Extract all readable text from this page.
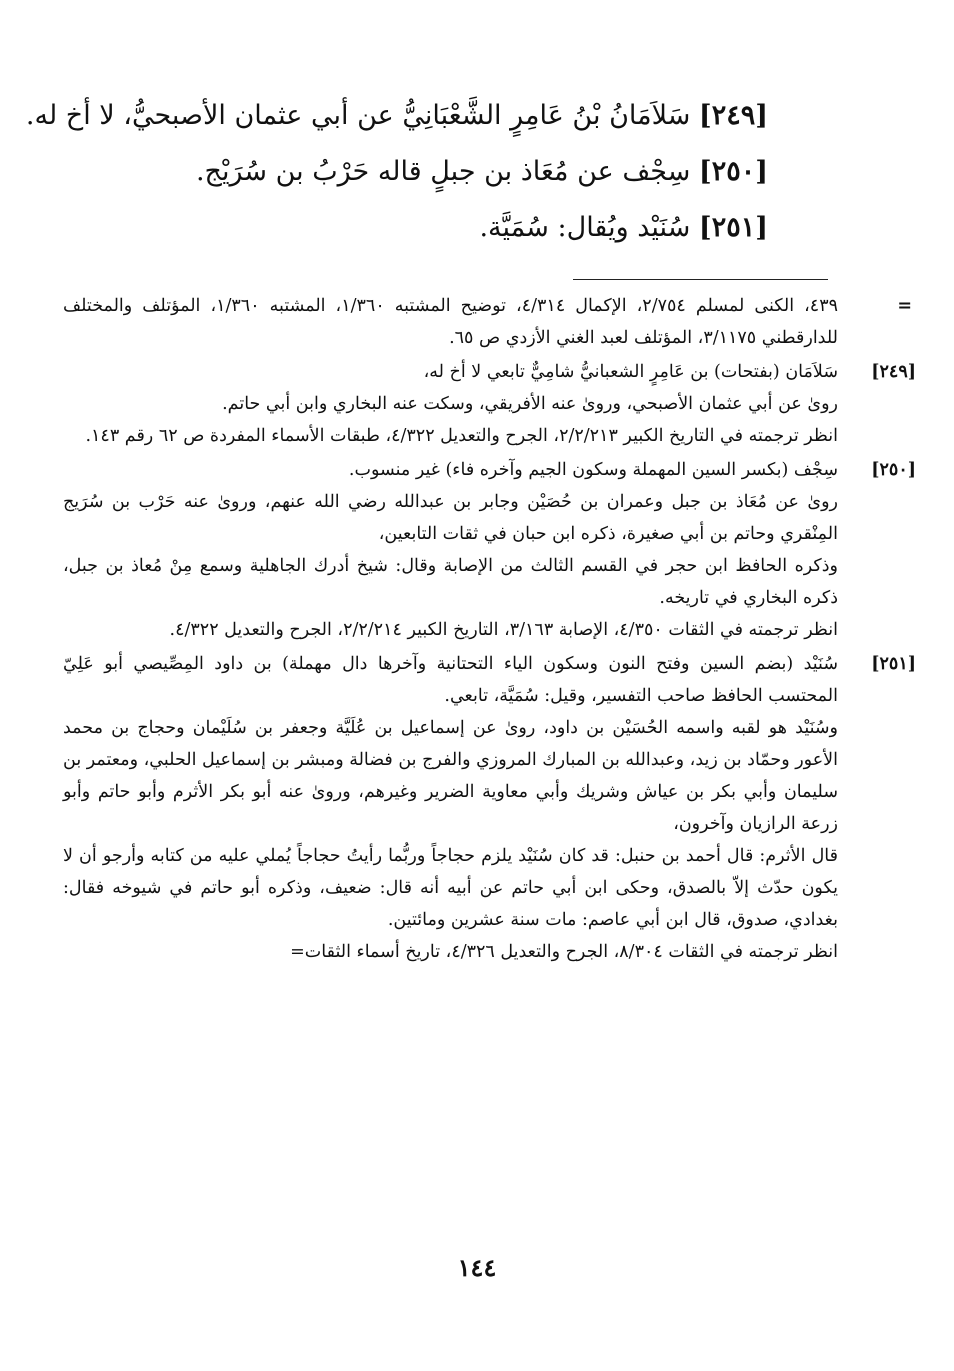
[٢٤٩] سَلاَمَانُ بْنُ عَامِرٍ الشَّعْبَانِيُّ عن أبي عثمان الأصبحيُّ، لا أخ له.
[٢٥٠] سِجْف عن مُعَاذ بن جبلٍ قاله حَرْبُ بن سُرَيْج.
[٢٥١] سُنَيْد ويُقال: سُمَيَّة.
=

٤٣٩، الكنى لمسلم ٢/٧٥٤، الإكمال ٤/٣١٤، توضيح المشتبه ١/٣٦٠، المشتبه ١/٣٦٠، المؤتلف والمختلف للدارقطني ٣/١١٧٥، المؤتلف لعبد الغني الأزدي ص ٦٥.

[٢٤٩]

سَلاَمَان (بفتحات) بن عَامِرٍ الشعبانيُّ شامِيٌّ تابعي لا أخ له،

روىٰ عن أبي عثمان الأصبحي، وروىٰ عنه الأفريقي، وسكت عنه البخاري وابن أبي حاتم.

انظر ترجمته في التاريخ الكبير ٢/٢/٢١٣، الجرح والتعديل ٤/٣٢٢، طبقات الأسماء المفردة ص ٦٢ رقم ١٤٣.

[٢٥٠]

سِجْف (بكسر السين المهملة وسكون الجيم وآخره فاء) غير منسوب.

روىٰ عن مُعَاذ بن جبل وعمران بن حُصَيْن وجابر بن عبدالله رضي الله عنهم، وروىٰ عنه حَرْب بن سُرَيج المِنْقري وحاتم بن أبي صغيرة، ذكره ابن حبان في ثقات التابعين،

وذكره الحافظ ابن حجر في القسم الثالث من الإصابة وقال: شيخ أدرك الجاهلية وسمع مِنْ مُعاذ بن جبل، ذكره البخاري في تاريخه.

انظر ترجمته في الثقات ٤/٣٥٠، الإصابة ٣/١٦٣، التاريخ الكبير ٢/٢/٢١٤، الجرح والتعديل ٤/٣٢٢.

[٢٥١]

سُنَيْد (بضم السين وفتح النون وسكون الياء التحتانية وآخرها دال مهملة) بن داود المِصِّيصي أبو عَلِيّ المحتسب الحافظ صاحب التفسير، وقيل: سُمَيَّة، تابعي.

وسُنَيْد هو لقبه واسمه الحُسَيْن بن داود، روىٰ عن إسماعيل بن عُلَيَّة وجعفر بن سُلَيْمان وحجاج بن محمد الأعور وحمّاد بن زيد، وعبدالله بن المبارك المروزي والفرج بن فضالة ومبشر بن إسماعيل الحلبي، ومعتمر بن سليمان وأبي بكر بن عياش وشريك وأبي معاوية الضرير وغيرهم، وروىٰ عنه أبو بكر الأثرم وأبو حاتم وأبو زرعة الرازيان وآخرون،

قال الأثرم: قال أحمد بن حنبل: قد كان سُنَيْد يلزم حجاجاً وربُّما رأيتُ حجاجاً يُملي عليه من كتابه وأرجو أن لا يكون حدّث إلاّ بالصدق، وحكى ابن أبي حاتم عن أبيه أنه قال: ضعيف، وذكره أبو حاتم في شيوخه فقال: بغدادي، صدوق، قال ابن أبي عاصم: مات سنة عشرين ومائتين.

انظر ترجمته في الثقات ٨/٣٠٤، الجرح والتعديل ٤/٣٢٦، تاريخ أسماء الثقات=

١٤٤
